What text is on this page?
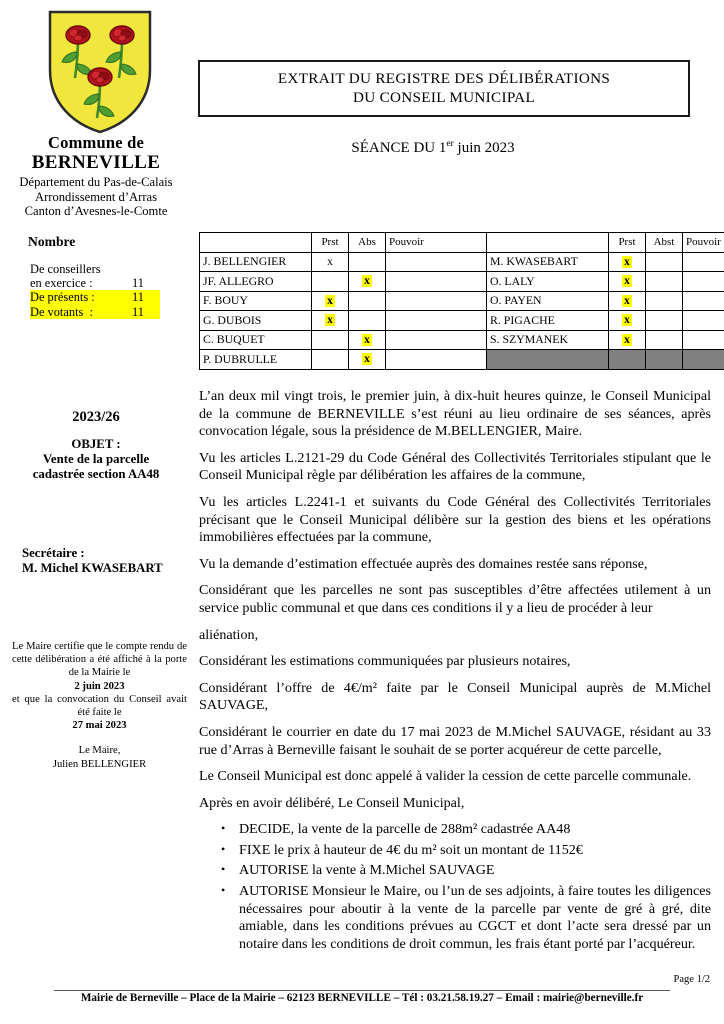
Commune de
BERNEVILLE
Département du Pas-de-Calais
Arrondissement d’Arras
Canton d’Avesnes-le-Comte
Nombre
De conseillers
en exercice :	11
De présents :	11
De votants  :	11
2023/26
OBJET :
Vente de la parcelle
cadastrée section AA48
Secrétaire :
M. Michel KWASEBART
Le Maire certifie que le compte rendu de cette délibération a été affiché à la porte de la Mairie le
2 juin 2023
et que la convocation du Conseil avait été faite le
27 mai 2023
Le Maire,
Julien BELLENGIER
EXTRAIT DU REGISTRE DES DÉLIBÉRATIONS
DU CONSEIL MUNICIPAL
SÉANCE DU 1er juin 2023
	Prst	Abs	Pouvoir		Prst	Abst	Pouvoir
J. BELLENGIER	x			M. KWASEBART	x		
JF. ALLEGRO		x		O. LALY	x		
F. BOUY	x			O. PAYEN	x		
G. DUBOIS	x			R. PIGACHE	x		
C. BUQUET		x		S. SZYMANEK	x		
P. DUBRULLE		x					

L’an deux mil vingt trois, le premier juin, à dix-huit heures quinze, le Conseil Municipal de la commune de BERNEVILLE s’est réuni au lieu ordinaire de ses séances, après convocation légale, sous la présidence de M.BELLENGIER, Maire.

Vu les articles L.2121-29 du Code Général des Collectivités Territoriales stipulant que le Conseil Municipal règle par délibération les affaires de la commune,

Vu les articles L.2241-1 et suivants du Code Général des Collectivités Territoriales précisant que le Conseil Municipal délibère sur la gestion des biens et les opérations immobilières effectuées par la commune,

Vu la demande d’estimation effectuée auprès des domaines restée sans réponse,

Considérant que les parcelles ne sont pas susceptibles d’être affectées utilement à un service public communal et que dans ces conditions il y a lieu de procéder à leur

aliénation,

Considérant les estimations communiquées par plusieurs notaires,

Considérant l’offre de 4€/m² faite par le Conseil Municipal auprès de M.Michel SAUVAGE,

Considérant le courrier en date du 17 mai 2023 de M.Michel SAUVAGE, résidant au 33 rue d’Arras à Berneville faisant le souhait de se porter acquéreur de cette parcelle,

Le Conseil Municipal est donc appelé à valider la cession de cette parcelle communale.

Après en avoir délibéré, Le Conseil Municipal,

• DECIDE, la vente de la parcelle de 288m² cadastrée AA48
• FIXE le prix à hauteur de 4€ du m² soit un montant de 1152€
• AUTORISE la vente à M.Michel SAUVAGE
• AUTORISE Monsieur le Maire, ou l’un de ses adjoints, à faire toutes les diligences nécessaires pour aboutir à la vente de la parcelle par vente de gré à gré, dite amiable, dans les conditions prévues au CGCT et dont l’acte sera dressé par un notaire dans les conditions de droit commun, les frais étant porté par l’acquéreur.
Page 1/2
Mairie de Berneville – Place de la Mairie – 62123 BERNEVILLE – Tél : 03.21.58.19.27 – Email : mairie@berneville.fr
